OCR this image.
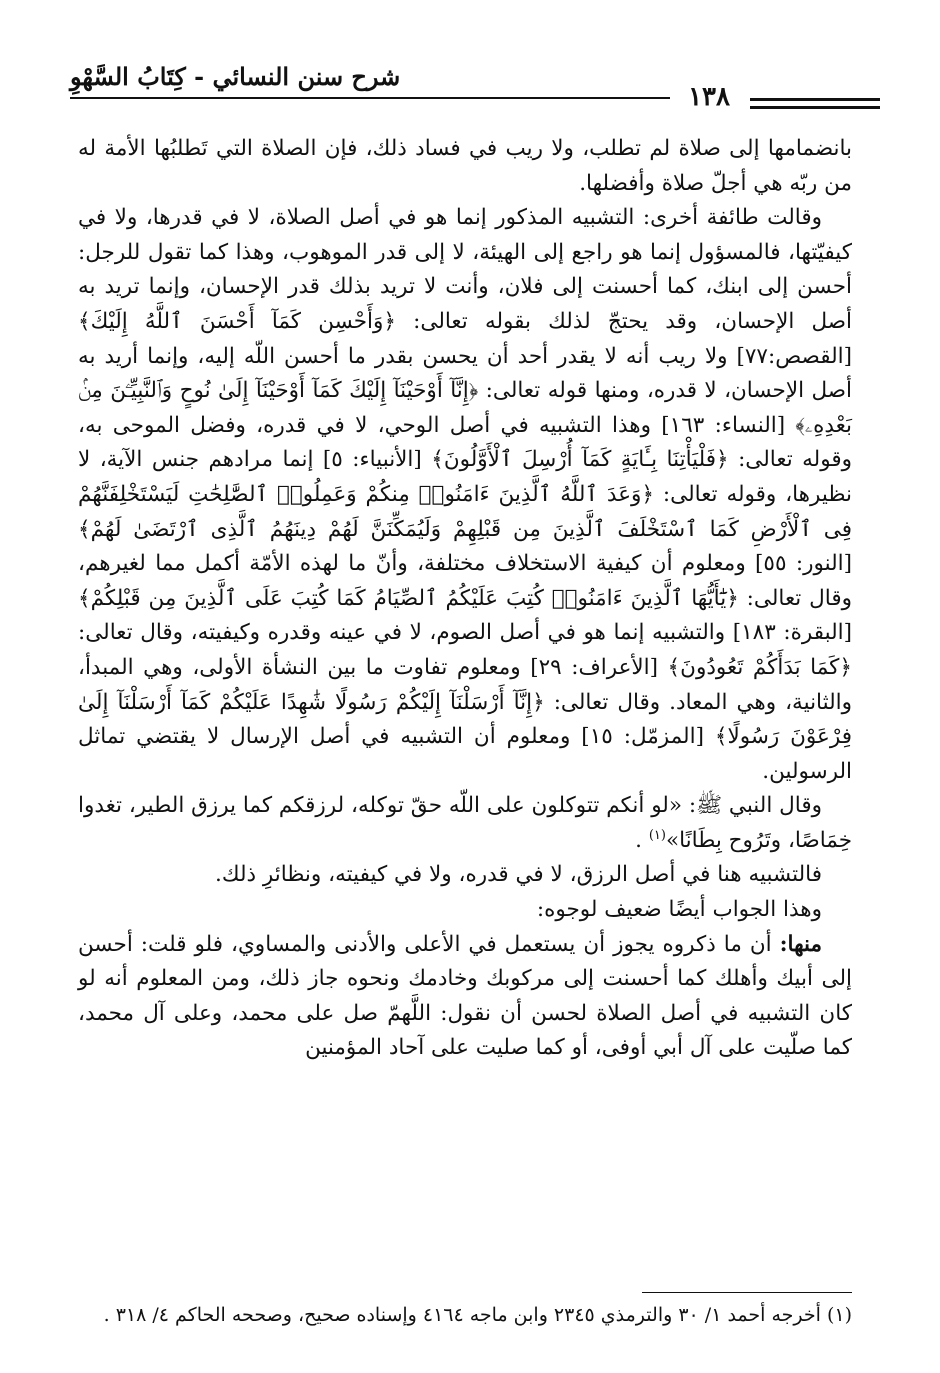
شرح سنن النسائي - كِتَابُ السَّهْوِ
١٣٨

بانضمامها إلى صلاة لم تطلب، ولا ريب في فساد ذلك، فإن الصلاة التي تَطلبُها الأمة له من ربّه هي أجلّ صلاة وأفضلها.

وقالت طائفة أخرى: التشبيه المذكور إنما هو في أصل الصلاة، لا في قدرها، ولا في كيفيّتها، فالمسؤول إنما هو راجع إلى الهيئة، لا إلى قدر الموهوب، وهذا كما تقول للرجل: أحسن إلى ابنك، كما أحسنت إلى فلان، وأنت لا تريد بذلك قدر الإحسان، وإنما تريد به أصل الإحسان، وقد يحتجّ لذلك بقوله تعالى: ﴿وَأَحْسِن كَمَآ أَحْسَنَ ٱللَّهُ إِلَيْكَ﴾ [القصص:٧٧] ولا ريب أنه لا يقدر أحد أن يحسن بقدر ما أحسن اللّه إليه، وإنما أريد به أصل الإحسان، لا قدره، ومنها قوله تعالى: ﴿إِنَّآ أَوْحَيْنَآ إِلَيْكَ كَمَآ أَوْحَيْنَآ إِلَىٰ نُوحٍ وَٱلنَّبِيِّـۧنَ مِنۢ بَعْدِهِۦ﴾ [النساء: ١٦٣] وهذا التشبيه في أصل الوحي، لا في قدره، وفضل الموحى به، وقوله تعالى: ﴿فَلْيَأْتِنَا بِـَٔايَةٍ كَمَآ أُرْسِلَ ٱلْأَوَّلُونَ﴾ [الأنبياء: ٥] إنما مرادهم جنس الآية، لا نظيرها، وقوله تعالى: ﴿وَعَدَ ٱللَّهُ ٱلَّذِينَ ءَامَنُوا۟ مِنكُمْ وَعَمِلُوا۟ ٱلصَّٰلِحَٰتِ لَيَسْتَخْلِفَنَّهُمْ فِى ٱلْأَرْضِ كَمَا ٱسْتَخْلَفَ ٱلَّذِينَ مِن قَبْلِهِمْ وَلَيُمَكِّنَنَّ لَهُمْ دِينَهُمُ ٱلَّذِى ٱرْتَضَىٰ لَهُمْ﴾ [النور: ٥٥] ومعلوم أن كيفية الاستخلاف مختلفة، وأنّ ما لهذه الأمّة أكمل مما لغيرهم، وقال تعالى: ﴿يَٰٓأَيُّهَا ٱلَّذِينَ ءَامَنُوا۟ كُتِبَ عَلَيْكُمُ ٱلصِّيَامُ كَمَا كُتِبَ عَلَى ٱلَّذِينَ مِن قَبْلِكُمْ﴾ [البقرة: ١٨٣] والتشبيه إنما هو في أصل الصوم، لا في عينه وقدره وكيفيته، وقال تعالى: ﴿كَمَا بَدَأَكُمْ تَعُودُونَ﴾ [الأعراف: ٢٩] ومعلوم تفاوت ما بين النشأة الأولى، وهي المبدأ، والثانية، وهي المعاد. وقال تعالى: ﴿إِنَّآ أَرْسَلْنَآ إِلَيْكُمْ رَسُولًا شَٰهِدًا عَلَيْكُمْ كَمَآ أَرْسَلْنَآ إِلَىٰ فِرْعَوْنَ رَسُولًا﴾ [المزمّل: ١٥] ومعلوم أن التشبيه في أصل الإرسال لا يقتضي تماثل الرسولين.

وقال النبي ﷺ: «لو أنكم تتوكلون على اللّه حقّ توكله، لرزقكم كما يرزق الطير، تغدوا خِمَاصًا، وتَرُوح بِطَانًا»$^{(١)}$ .

فالتشبيه هنا في أصل الرزق، لا في قدره، ولا في كيفيته، ونظائرِ ذلك.

وهذا الجواب أيضًا ضعيف لوجوه:

منها: أن ما ذكروه يجوز أن يستعمل في الأعلى والأدنى والمساوي، فلو قلت: أحسن إلى أبيك وأهلك كما أحسنت إلى مركوبك وخادمك ونحوه جاز ذلك، ومن المعلوم أنه لو كان التشبيه في أصل الصلاة لحسن أن نقول: اللَّهمّ صل على محمد، وعلى آل محمد، كما صلّيت على آل أبي أوفى، أو كما صليت على آحاد المؤمنين

(١) أخرجه أحمد ١/ ٣٠ والترمذي ٢٣٤٥ وابن ماجه ٤١٦٤ وإسناده صحيح، وصححه الحاكم ٤/ ٣١٨ .
